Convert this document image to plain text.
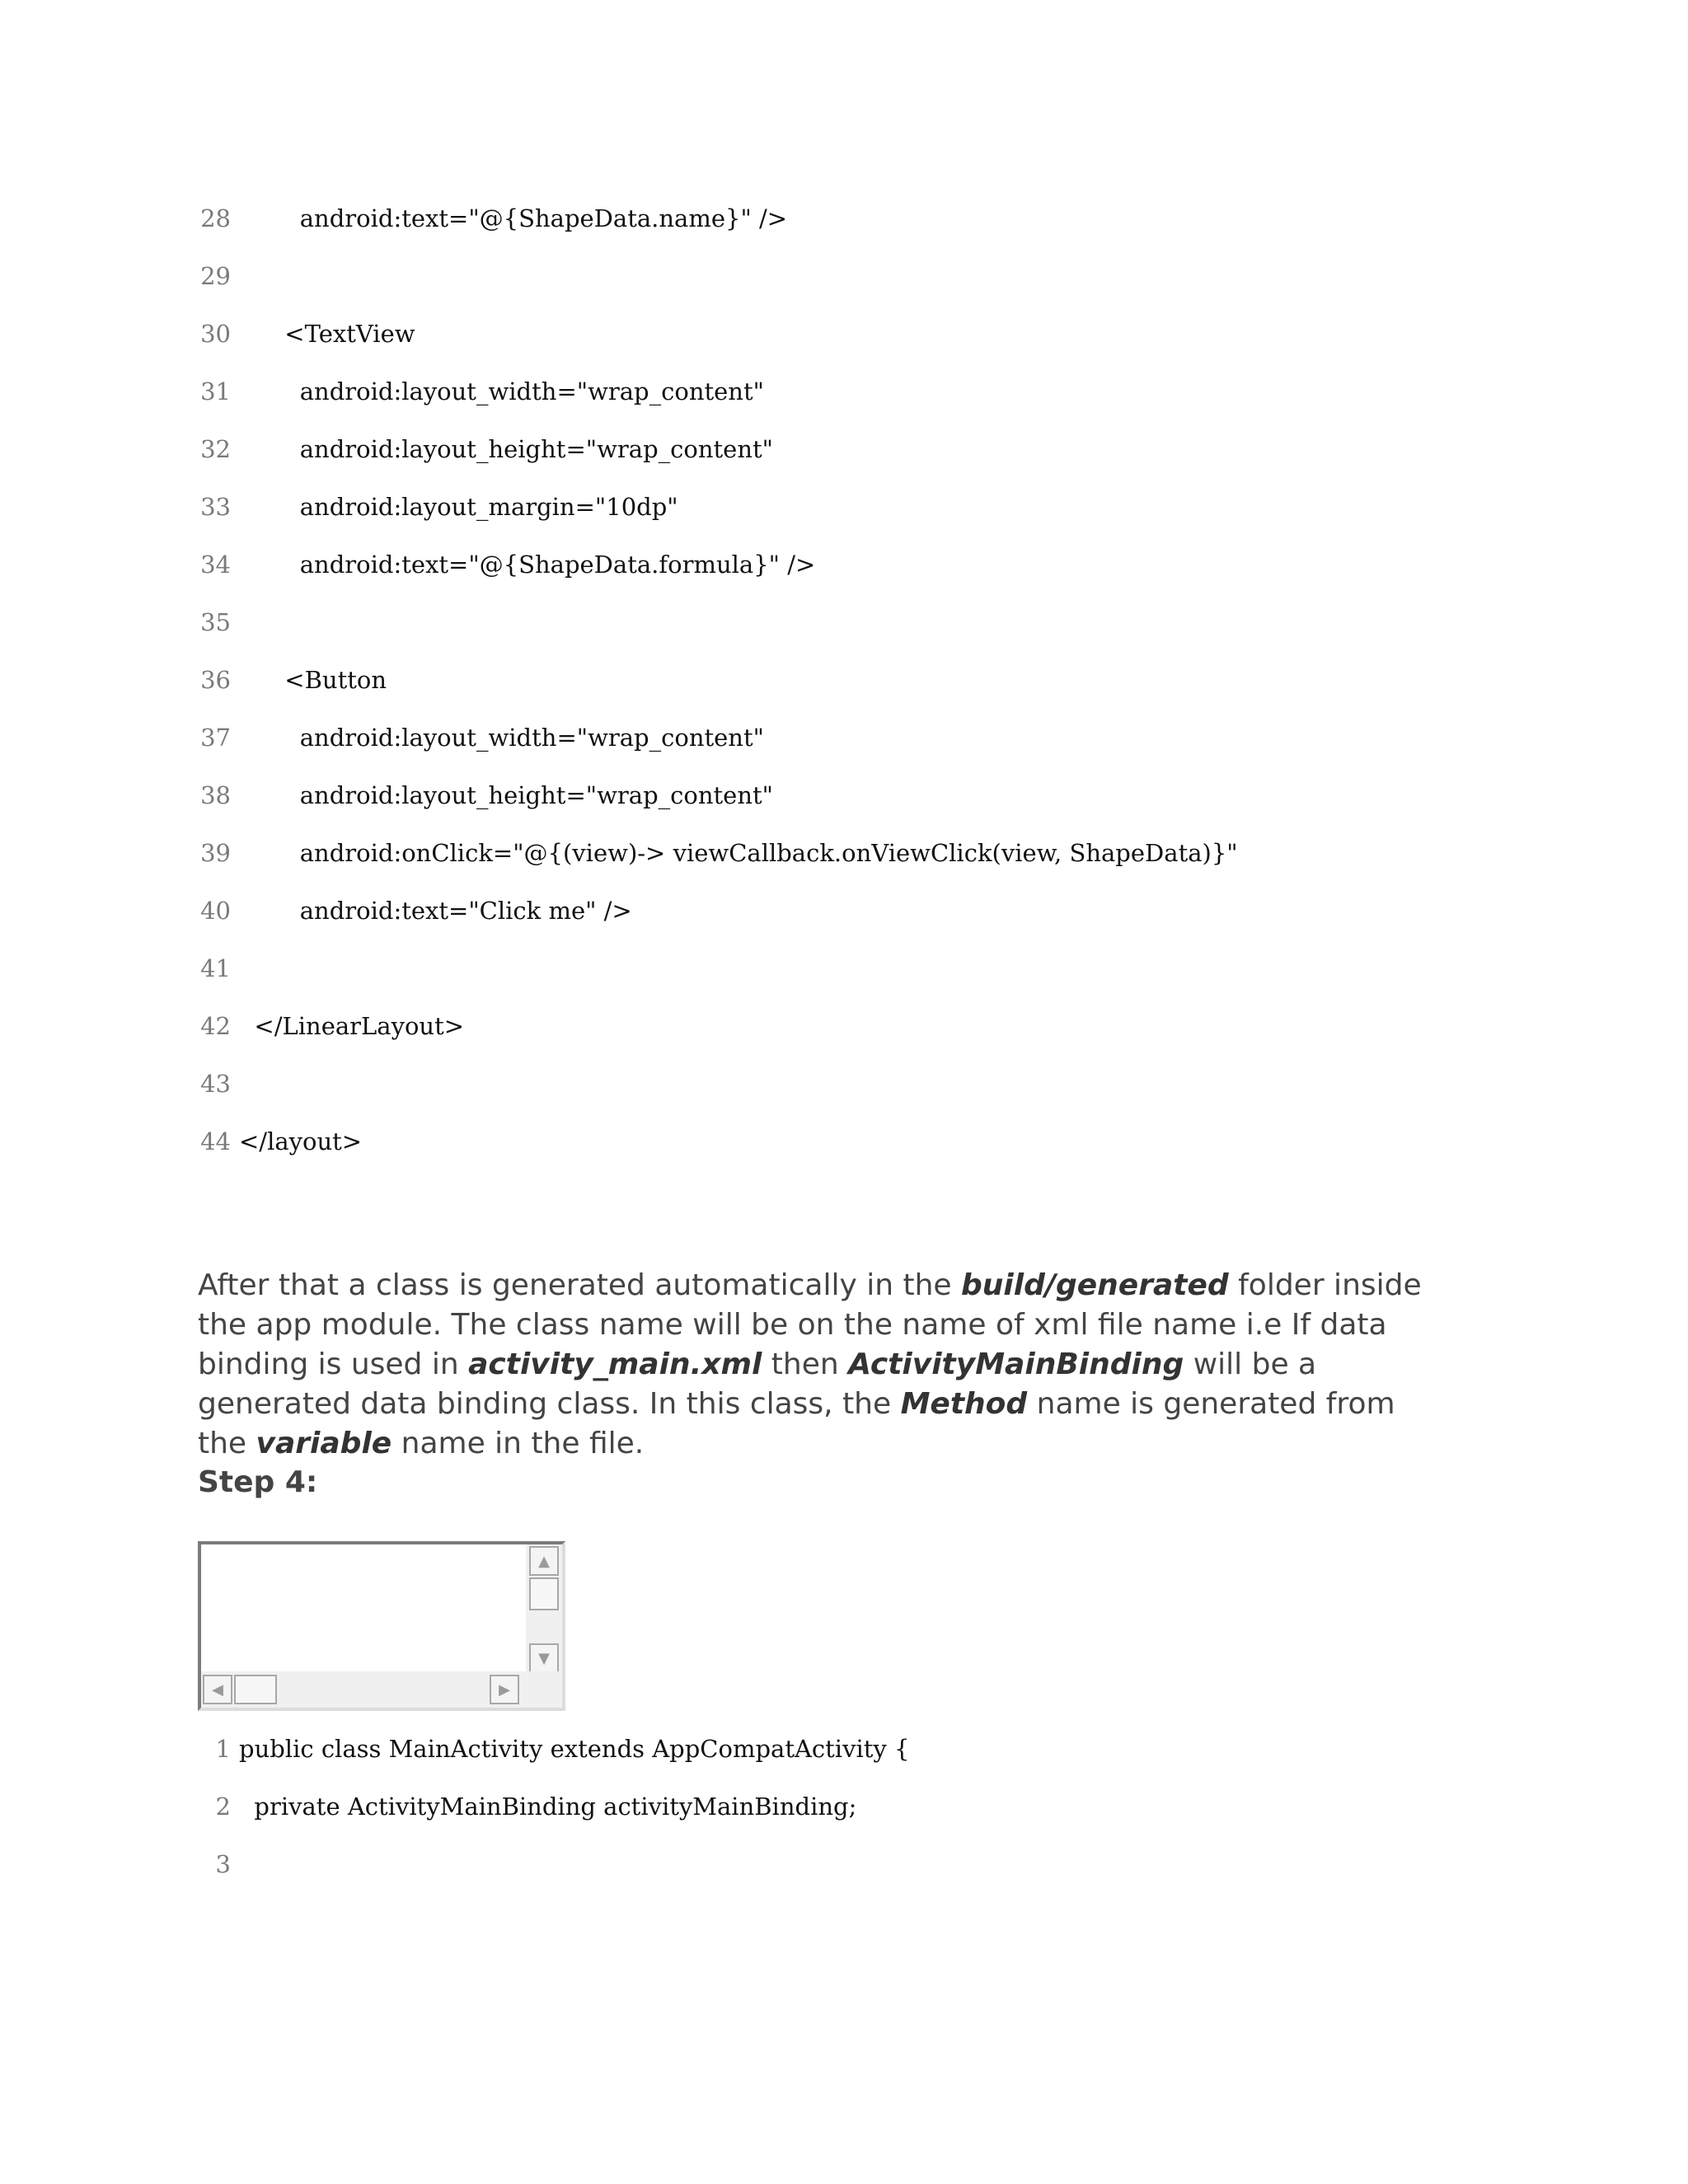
28 android:text="@{ShapeData.name}" />
29
30 <TextView
31 android:layout_width="wrap_content"
32 android:layout_height="wrap_content"
33 android:layout_margin="10dp"
34 android:text="@{ShapeData.formula}" />
35
36 <Button
37 android:layout_width="wrap_content"
38 android:layout_height="wrap_content"
39 android:onClick="@{(view)-> viewCallback.onViewClick(view, ShapeData)}"
40 android:text="Click me" />
41
42 </LinearLayout>
43
44 </layout>
After that a class is generated automatically in the build/generated folder inside the app module. The class name will be on the name of xml file name i.e If data binding is used in activity_main.xml then ActivityMainBinding will be a generated data binding class. In this class, the Method name is generated from the variable name in the file.
Step 4:
▲
▼
◀	▶
1 public class MainActivity extends AppCompatActivity {
2 private ActivityMainBinding activityMainBinding;
3
